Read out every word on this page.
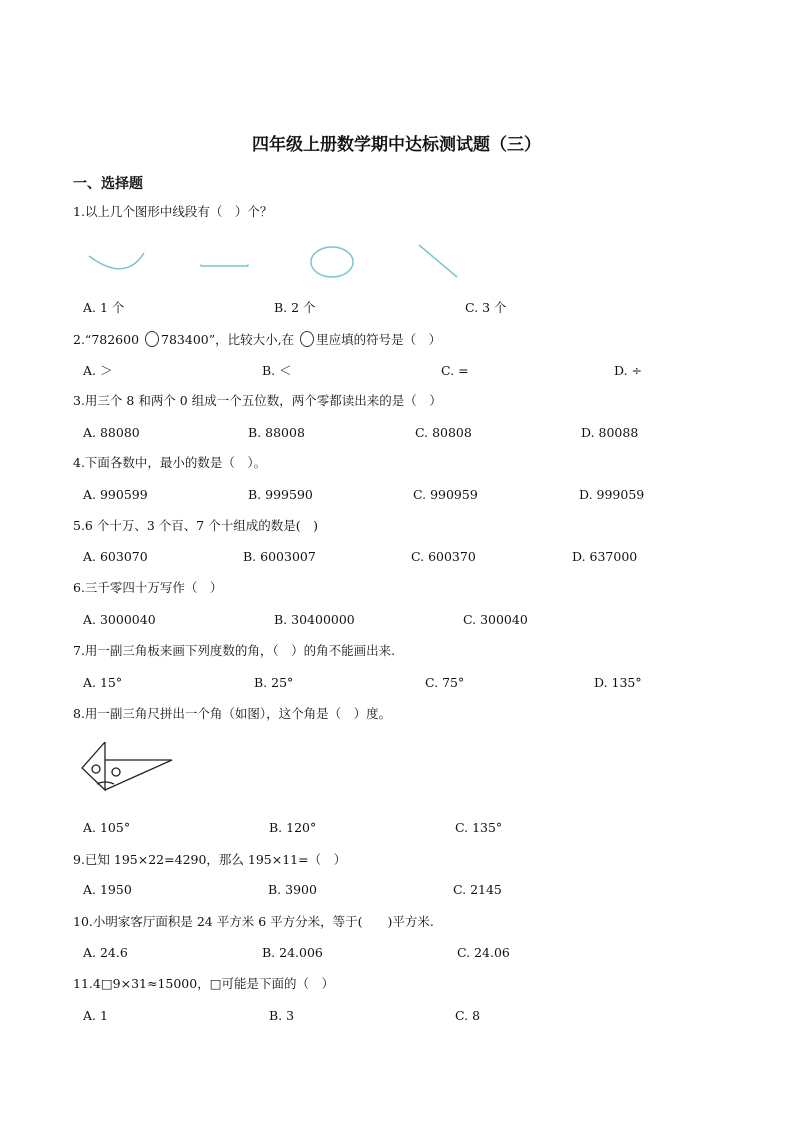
四年级上册数学期中达标测试题（三）
一、选择题
1.以上几个图形中线段有（　）个？
A. 1 个	B. 2 个	C. 3 个
2.“782600 783400”，比较大小,在 里应填的符号是（　）
A. ＞	B. ＜	C. =	D. ÷
3.用三个 8 和两个 0 组成一个五位数，两个零都读出来的是（　）
A. 88080	B. 88008	C. 80808	D. 80088
4.下面各数中，最小的数是（　）。
A. 990599	B. 999590	C. 990959	D. 999059
5.6 个十万、3 个百、7 个十组成的数是(　)
A. 603070	B. 6003007	C. 600370	D. 637000
6.三千零四十万写作（　）
A. 3000040	B. 30400000	C. 300040
7.用一副三角板来画下列度数的角，（　）的角不能画出来.
A. 15°	B. 25°	C. 75°	D. 135°
8.用一副三角尺拼出一个角（如图），这个角是（　）度。
A. 105°	B. 120°	C. 135°
9.已知 195×22=4290，那么 195×11=（　）
A. 1950	B. 3900	C. 2145
10.小明家客厅面积是 24 平方米 6 平方分米，等于(　　)平方米.
A. 24.6	B. 24.006	C. 24.06
11.4□9×31≈15000，□可能是下面的（　）
A. 1	B. 3	C. 8
